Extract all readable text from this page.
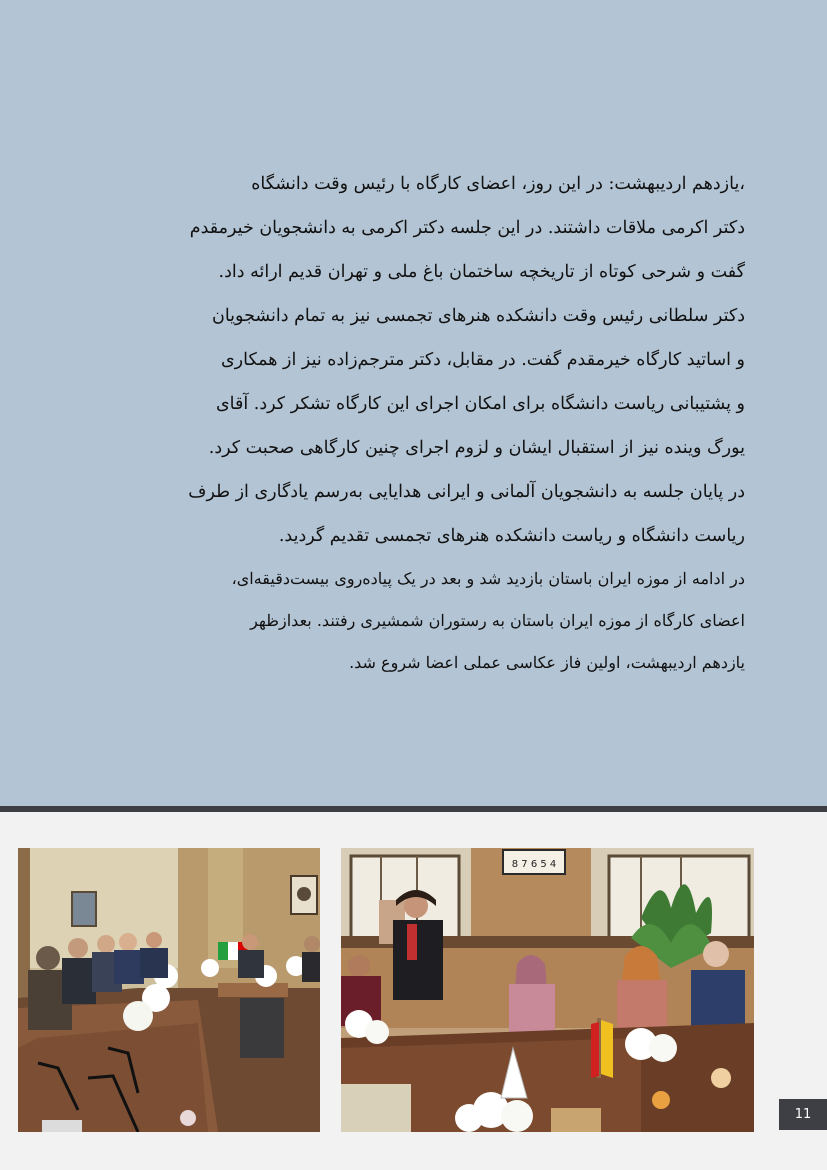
،یازدهم اردیبهشت: در این روز، اعضای کارگاه با رئیس وقت دانشگاه
دکتر اکرمی ملاقات داشتند. در این جلسه دکتر اکرمی به دانشجویان خیرمقدم
گفت و شرحی کوتاه از تاریخچه ساختمان باغ ملی و تهران قدیم ارائه داد.
دکتر سلطانی رئیس وقت دانشکده هنرهای تجمسی نیز به تمام دانشجویان
و اساتید کارگاه خیرمقدم گفت. در مقابل، دکتر مترجم‌زاده نیز از همکاری
و پشتیبانی ریاست دانشگاه برای امکان اجرای این کارگاه تشکر کرد. آقای
یورگ وینده نیز از استقبال ایشان و لزوم اجرای چنین کارگاهی صحبت کرد.
در پایان جلسه به دانشجویان آلمانی و ایرانی هدایایی به‌رسم یادگاری از طرف
ریاست دانشگاه و ریاست دانشکده هنرهای تجمسی تقدیم گردید.

در ادامه از موزه ایران باستان بازدید شد و بعد در یک پیاده‌روی بیست‌دقیقه‌ای،
اعضای کارگاه از موزه ایران باستان به رستوران شمشیری رفتند. بعدازظهر
یازدهم اردیبهشت، اولین فاز عکاسی عملی اعضا شروع شد.

8 7 6 5 4
11
